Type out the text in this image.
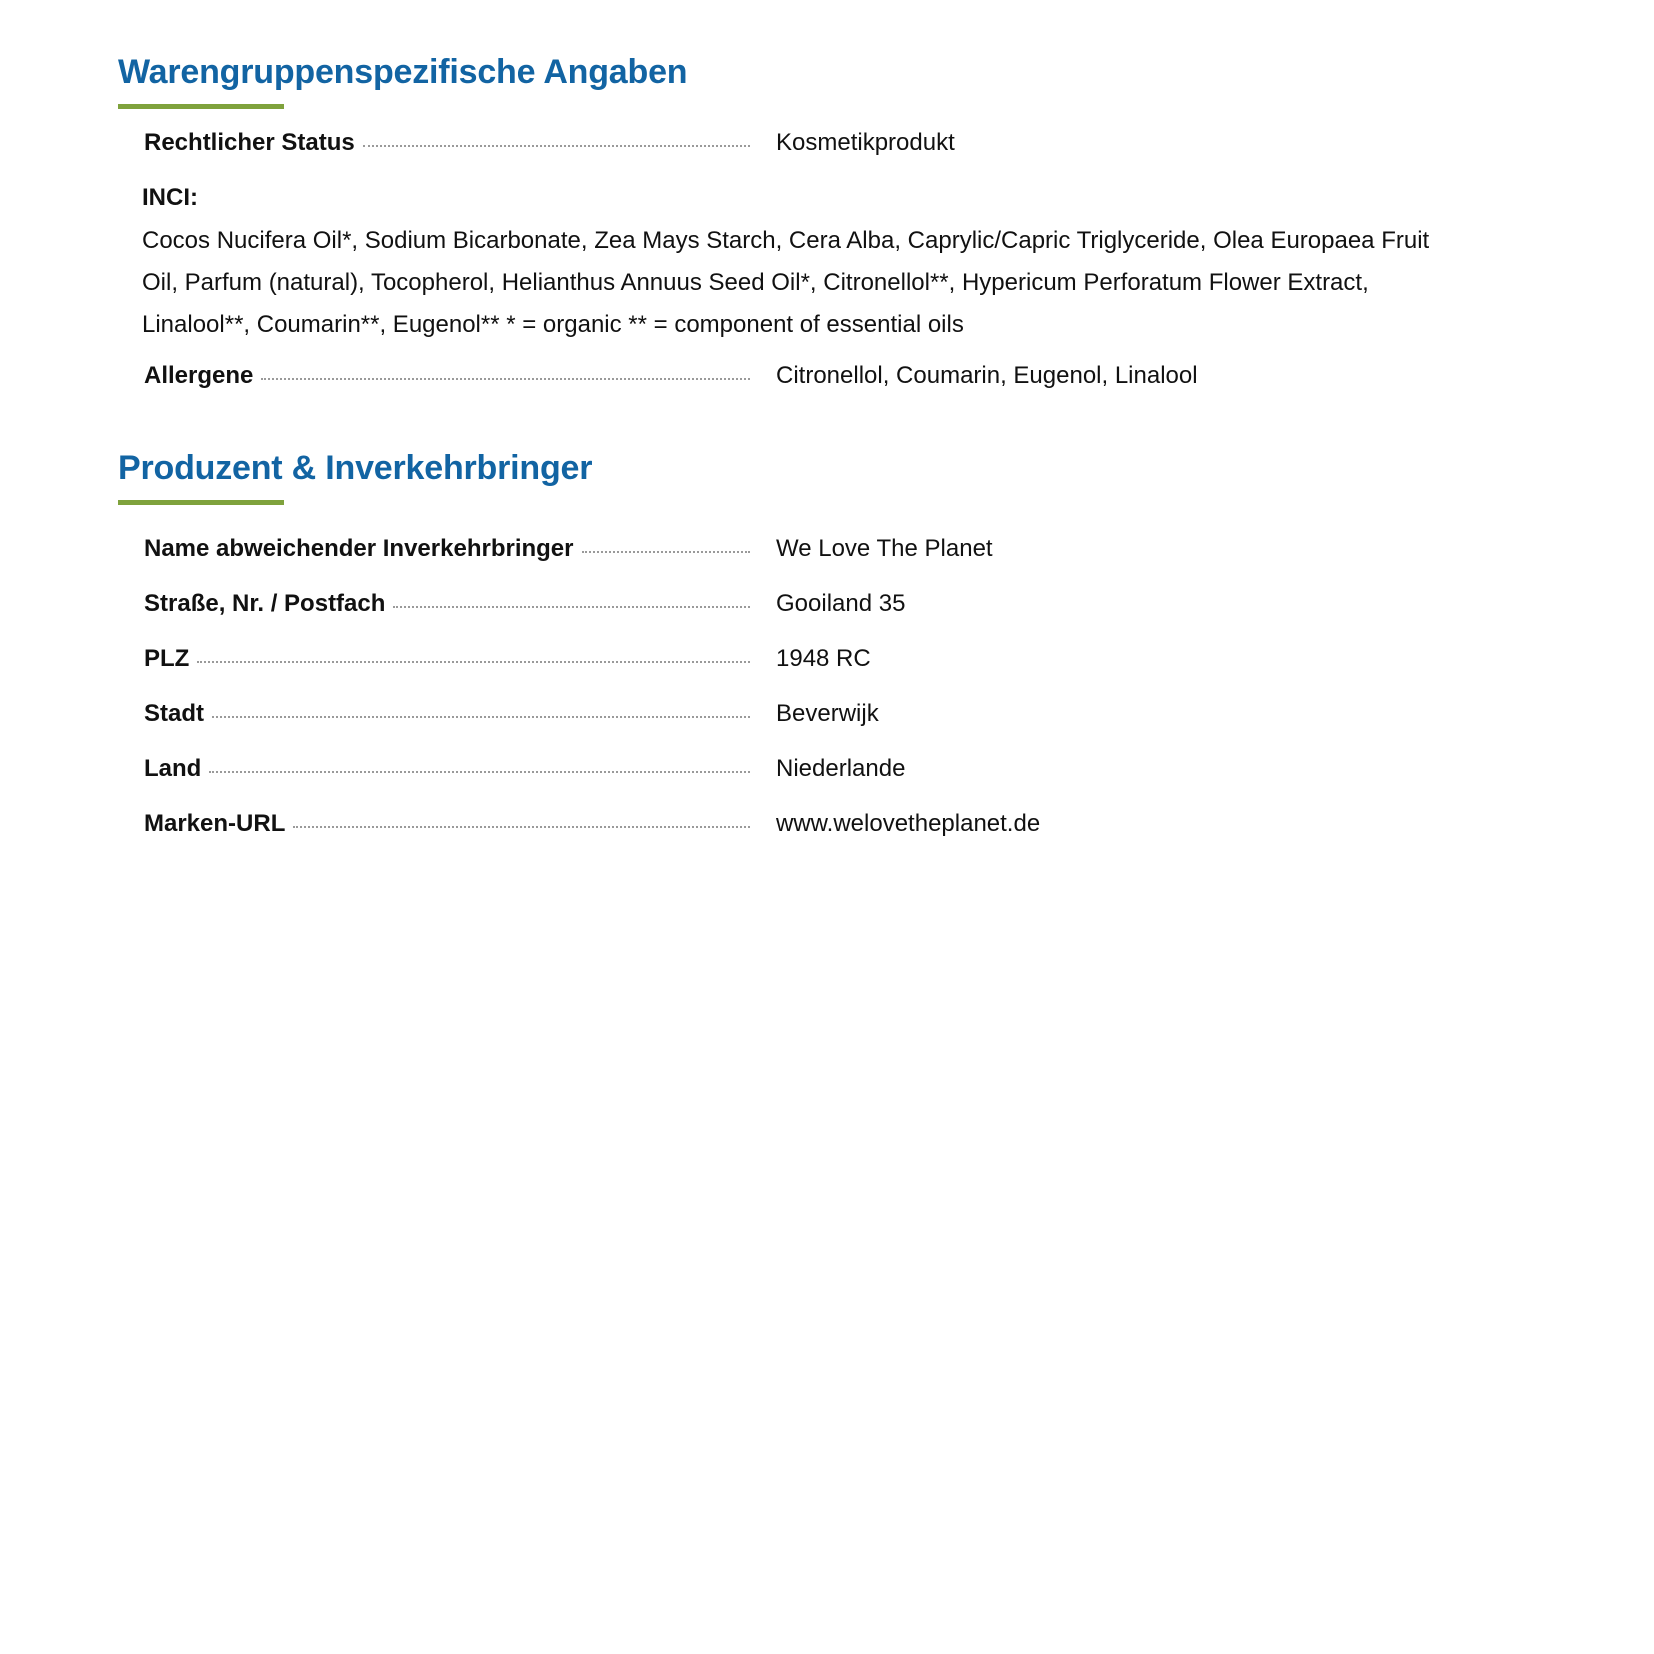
Warengruppenspezifische Angaben
Rechtlicher Status	Kosmetikprodukt
INCI:
Cocos Nucifera Oil*, Sodium Bicarbonate, Zea Mays Starch, Cera Alba, Caprylic/Capric Triglyceride, Olea Europaea Fruit Oil, Parfum (natural), Tocopherol, Helianthus Annuus Seed Oil*, Citronellol**, Hypericum Perforatum Flower Extract, Linalool**, Coumarin**, Eugenol** * = organic ** = component of essential oils
Allergene	Citronellol, Coumarin, Eugenol, Linalool
Produzent & Inverkehrbringer
Name abweichender Inverkehrbringer	We Love The Planet
Straße, Nr. / Postfach	Gooiland 35
PLZ	1948 RC
Stadt	Beverwijk
Land	Niederlande
Marken-URL	www.welovetheplanet.de
